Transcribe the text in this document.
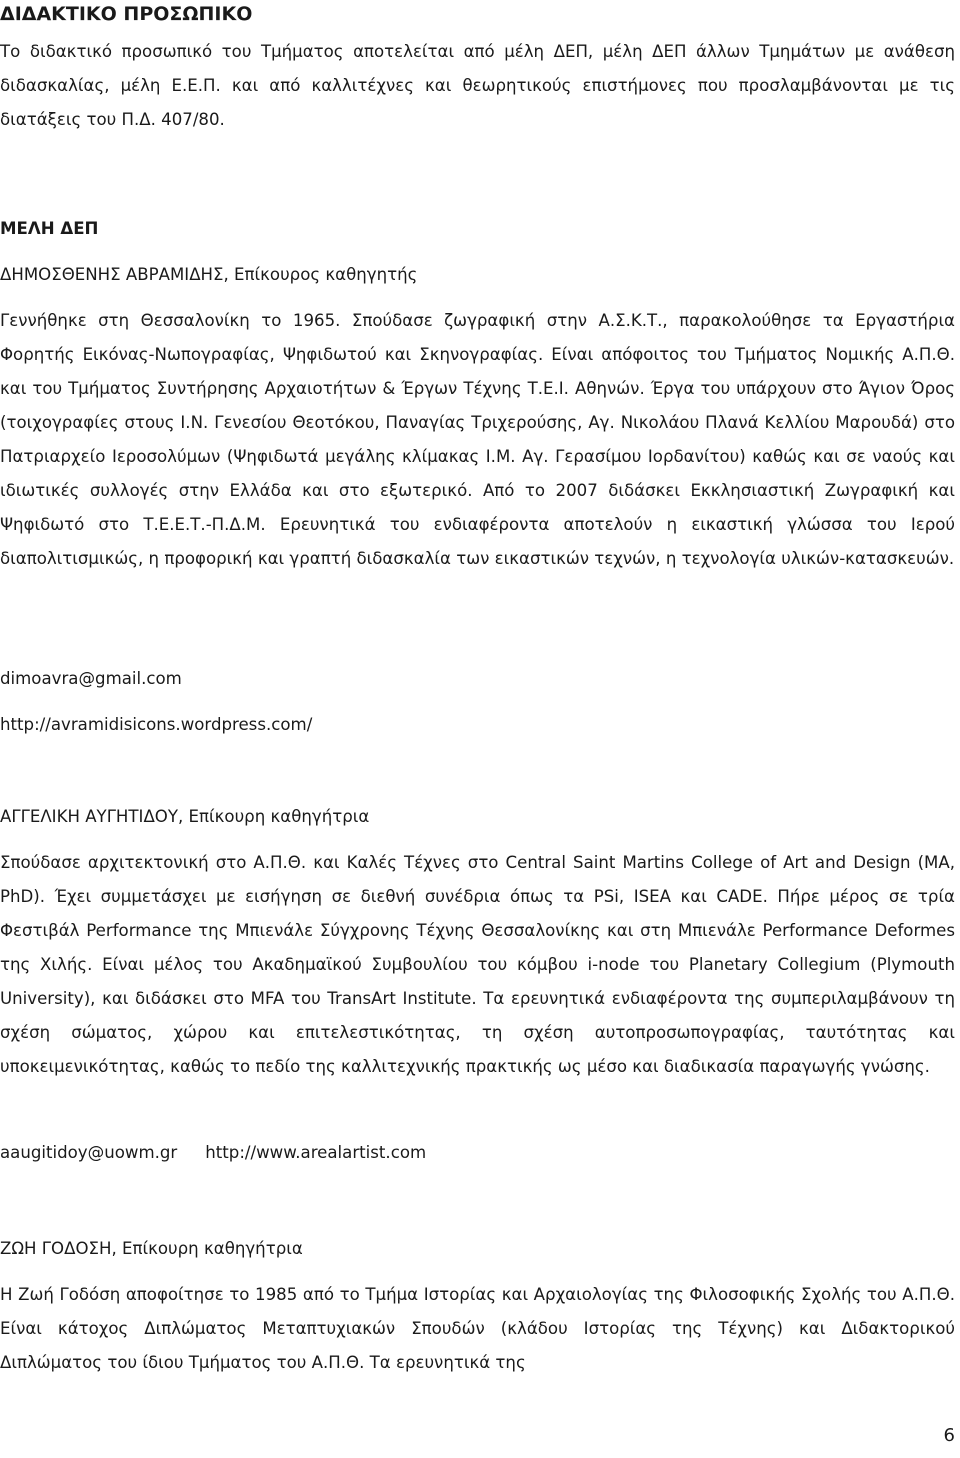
ΔΙΔΑΚΤΙΚΟ ΠΡΟΣΩΠΙΚΟ

Το διδακτικό προσωπικό του Τμήματος αποτελείται από μέλη ΔΕΠ, μέλη ΔΕΠ άλλων Τμημάτων με ανάθεση διδασκαλίας, μέλη Ε.Ε.Π. και από καλλιτέχνες και θεωρητικούς επιστήμονες που προσλαμβάνονται με τις διατάξεις του Π.Δ. 407/80.

ΜΕΛΗ ΔΕΠ

ΔΗΜΟΣΘΕΝΗΣ ΑΒΡΑΜΙΔΗΣ, Επίκουρος καθηγητής

Γεννήθηκε στη Θεσσαλονίκη το 1965. Σπούδασε ζωγραφική στην Α.Σ.Κ.Τ., παρακολούθησε τα Εργαστήρια Φορητής Εικόνας-Νωπογραφίας, Ψηφιδωτού και Σκηνογραφίας. Είναι απόφοιτος του Τμήματος Νομικής Α.Π.Θ. και του Τμήματος Συντήρησης Αρχαιοτήτων & Έργων Τέχνης Τ.Ε.Ι. Αθηνών. Έργα του υπάρχουν στο Άγιον Όρος (τοιχογραφίες στους Ι.Ν. Γενεσίου Θεοτόκου, Παναγίας Τριχερούσης, Αγ. Νικολάου Πλανά Κελλίου Μαρουδά) στο Πατριαρχείο Ιεροσολύμων (Ψηφιδωτά μεγάλης κλίμακας Ι.Μ. Αγ. Γερασίμου Ιορδανίτου) καθώς και σε ναούς και ιδιωτικές συλλογές στην Ελλάδα και στο εξωτερικό. Από το 2007 διδάσκει Εκκλησιαστική Ζωγραφική και Ψηφιδωτό στο Τ.Ε.Ε.Τ.-Π.Δ.Μ. Ερευνητικά του ενδιαφέροντα αποτελούν η εικαστική γλώσσα του Ιερού διαπολιτισμικώς, η προφορική και γραπτή διδασκαλία των εικαστικών τεχνών, η τεχνολογία υλικών-κατασκευών.

dimoavra@gmail.com

http://avramidisicons.wordpress.com/

ΑΓΓΕΛΙΚΗ ΑΥΓΗΤΙΔΟΥ, Επίκουρη καθηγήτρια

Σπούδασε αρχιτεκτονική στο Α.Π.Θ. και Καλές Τέχνες στο Central Saint Martins College of Art and Design (MA, PhD). Έχει συμμετάσχει με εισήγηση σε διεθνή συνέδρια όπως τα PSi, ISEA και CADE. Πήρε μέρος σε τρία Φεστιβάλ Performance της Μπιενάλε Σύγχρονης Τέχνης Θεσσαλονίκης και στη Μπιενάλε Performance Deformes της Χιλής. Είναι μέλος του Ακαδημαϊκού Συμβουλίου του κόμβου i-node του Planetary Collegium (Plymouth University), και διδάσκει στο MFA του TransArt Institute. Τα ερευνητικά ενδιαφέροντα της συμπεριλαμβάνουν τη σχέση σώματος, χώρου και επιτελεστικότητας, τη σχέση αυτοπροσωπογραφίας, ταυτότητας και υποκειμενικότητας, καθώς το πεδίο της καλλιτεχνικής πρακτικής ως μέσο και διαδικασία παραγωγής γνώσης.

aaugitidoy@uowm.gr http://www.arealartist.com

ΖΩΗ ΓΟΔΟΣΗ, Επίκουρη καθηγήτρια

Η Ζωή Γοδόση αποφοίτησε το 1985 από το Τμήμα Ιστορίας και Αρχαιολογίας της Φιλοσοφικής Σχολής του Α.Π.Θ. Είναι κάτοχος Διπλώματος Μεταπτυχιακών Σπουδών (κλάδου Ιστορίας της Τέχνης) και Διδακτορικού Διπλώματος του ίδιου Τμήματος του Α.Π.Θ. Τα ερευνητικά της

6
